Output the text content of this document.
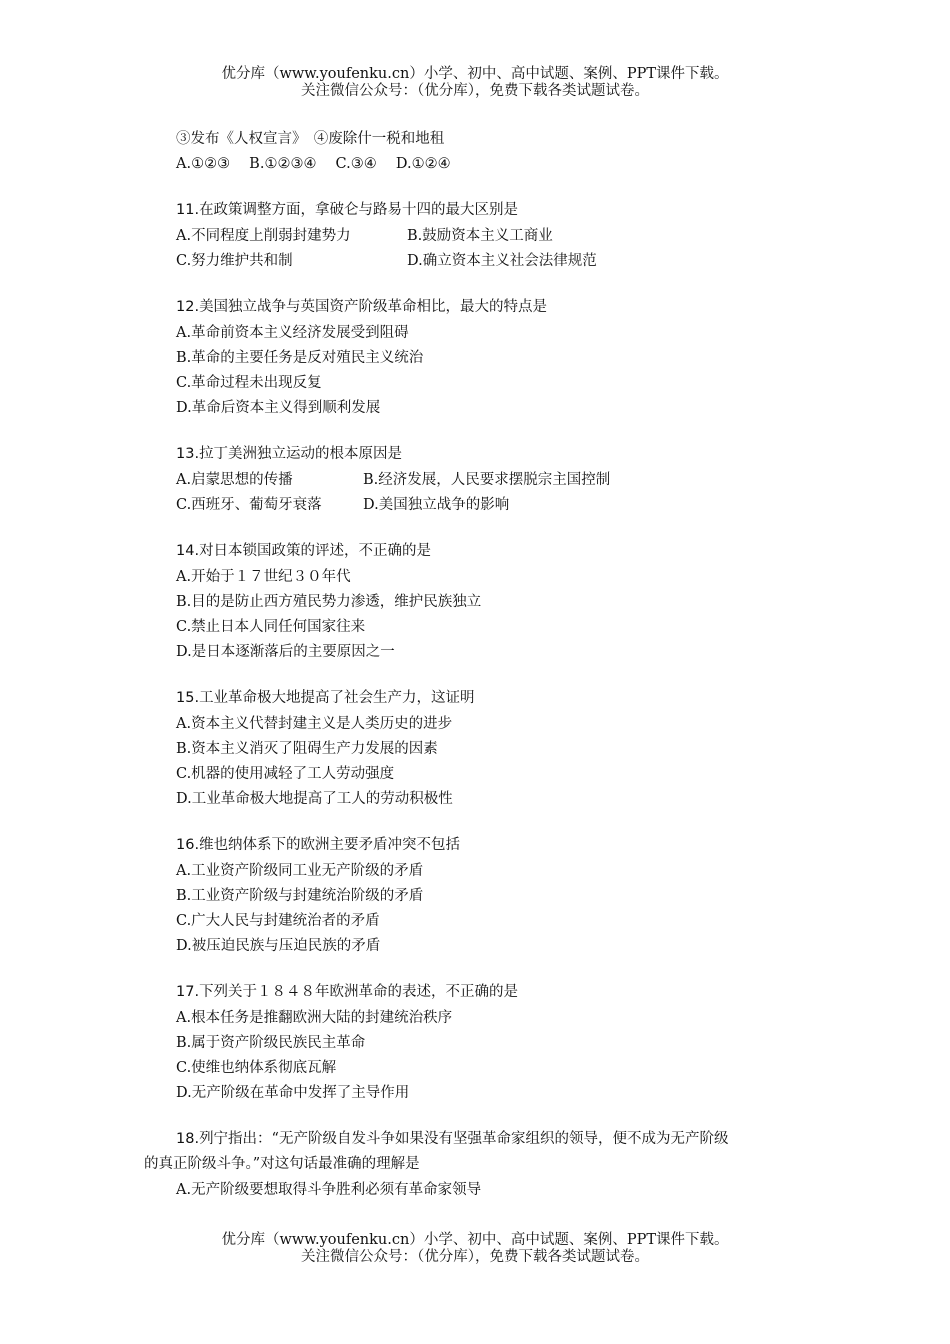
优分库（www.youfenku.cn）小学、初中、高中试题、案例、PPT课件下载。
关注微信公众号：（优分库），免费下载各类试题试卷。
③发布《人权宣言》　④废除什一税和地租
A.①②③　 B.①②③④　 C.③④　 D.①②④
11.在政策调整方面，拿破仑与路易十四的最大区别是
A.不同程度上削弱封建势力	B.鼓励资本主义工商业
C.努力维护共和制	D.确立资本主义社会法律规范
12.美国独立战争与英国资产阶级革命相比，最大的特点是
A.革命前资本主义经济发展受到阻碍
B.革命的主要任务是反对殖民主义统治
C.革命过程未出现反复
D.革命后资本主义得到顺利发展
13.拉丁美洲独立运动的根本原因是
A.启蒙思想的传播	B.经济发展，人民要求摆脱宗主国控制
C.西班牙、葡萄牙衰落	D.美国独立战争的影响
14.对日本锁国政策的评述，不正确的是
A.开始于１７世纪３０年代
B.目的是防止西方殖民势力渗透，维护民族独立
C.禁止日本人同任何国家往来
D.是日本逐渐落后的主要原因之一
15.工业革命极大地提高了社会生产力，这证明
A.资本主义代替封建主义是人类历史的进步
B.资本主义消灭了阻碍生产力发展的因素
C.机器的使用减轻了工人劳动强度
D.工业革命极大地提高了工人的劳动积极性
16.维也纳体系下的欧洲主要矛盾冲突不包括
A.工业资产阶级同工业无产阶级的矛盾
B.工业资产阶级与封建统治阶级的矛盾
C.广大人民与封建统治者的矛盾
D.被压迫民族与压迫民族的矛盾
17.下列关于１８４８年欧洲革命的表述，不正确的是
A.根本任务是推翻欧洲大陆的封建统治秩序
B.属于资产阶级民族民主革命
C.使维也纳体系彻底瓦解
D.无产阶级在革命中发挥了主导作用
18.列宁指出：“无产阶级自发斗争如果没有坚强革命家组织的领导，便不成为无产阶级
的真正阶级斗争。”对这句话最准确的理解是
A.无产阶级要想取得斗争胜利必须有革命家领导
优分库（www.youfenku.cn）小学、初中、高中试题、案例、PPT课件下载。
关注微信公众号：（优分库），免费下载各类试题试卷。
